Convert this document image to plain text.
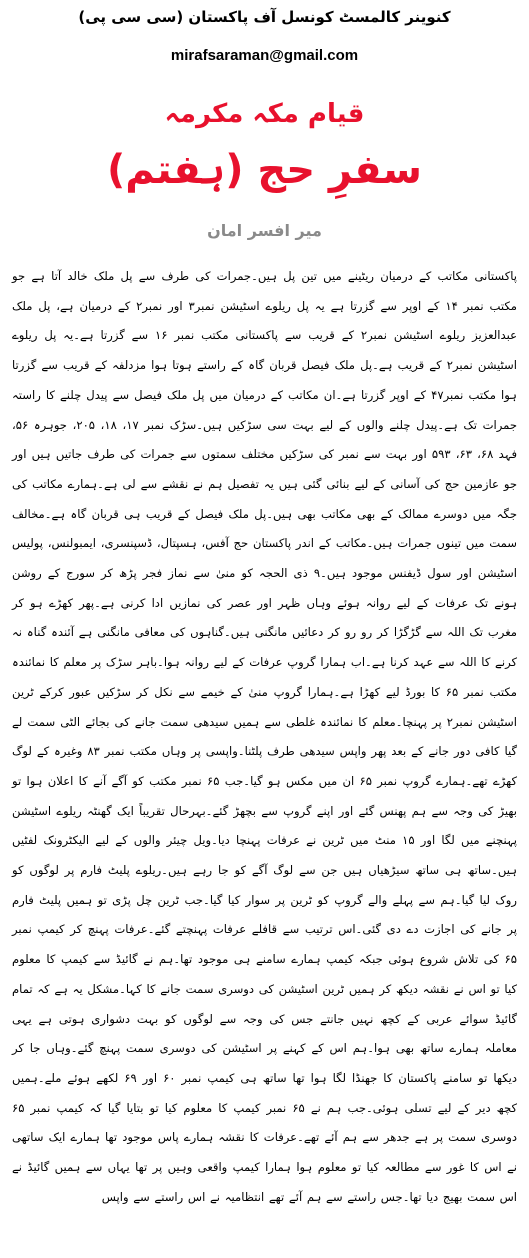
کنوینر کالمسٹ کونسل آف پاکستان (سی سی پی)
mirafsaraman@gmail.com
قیام مکہ مکرمہ
سفرِ حج (ہفتم)
میر افسر امان

پاکستانی مکاتب کے درمیان ریٹینے میں تین پل ہیں۔جمرات کی طرف سے پل ملک خالد آتا ہے جو مکتب نمبر ۱۴ کے اوپر سے گزرتا ہے یہ پل ریلوے اسٹیشن نمبر۳ اور نمبر۲ کے درمیان ہے، پل ملک عبدالعزیز ریلوے اسٹیشن نمبر۲ کے قریب سے پاکستانی مکتب نمبر ۱۶ سے گزرتا ہے۔یہ پل ریلوے اسٹیشن نمبر۲ کے قریب ہے۔پل ملک فیصل قربان گاہ کے راستے ہوتا ہوا مزدلفہ کے قریب سے گزرتا ہوا مکتب نمبر۴۷ کے اوپر گزرتا ہے۔ان مکاتب کے درمیان میں پل ملک فیصل سے پیدل چلنے کا راستہ جمرات تک ہے۔پیدل چلنے والوں کے لیے بہت سی سڑکیں ہیں۔سڑک نمبر ۱۷، ۱۸، ۲۰۵، جوہرہ ۵۶، فہد ۶۸، ۶۳، ۵۹۳ اور بہت سے نمبر کی سڑکیں مختلف سمتوں سے جمرات کی طرف جاتیں ہیں اور جو عازمین حج کی آسانی کے لیے بنائی گئی ہیں یہ تفصیل ہم نے نقشے سے لی ہے۔ہمارے مکاتب کی جگہ میں دوسرے ممالک کے بھی مکاتب بھی ہیں۔پل ملک فیصل کے قریب ہی قربان گاہ ہے۔مخالف سمت میں تینوں جمرات ہیں۔مکاتب کے اندر پاکستان حج آفس، ہسپتال، ڈسپنسری، ایمبولنس، پولیس اسٹیشن اور سول ڈیفنس موجود ہیں۔۹ ذی الحجہ کو منیٰ سے نماز فجر پڑھ کر سورج کے روشن ہونے تک عرفات کے لیے روانہ ہوئے وہاں ظہر اور عصر کی نمازیں ادا کرنی ہے۔پھر کھڑے ہو کر مغرب تک اللہ سے گڑگڑا کر رو رو کر دعائیں مانگنی ہیں۔گناہوں کی معافی مانگنی ہے آئندہ گناہ نہ کرنے کا اللہ سے عہد کرنا ہے۔اب ہمارا گروپ عرفات کے لیے روانہ ہوا۔باہر سڑک پر معلم کا نمائندہ مکتب نمبر ۶۵ کا بورڈ لیے کھڑا ہے۔ہمارا گروپ منیٰ کے خیمے سے نکل کر سڑکیں عبور کرکے ٹرین اسٹیشن نمبر۲ پر پہنچا۔معلم کا نمائندہ غلطی سے ہمیں سیدھی سمت جانے کی بجائے الٹی سمت لے گیا کافی دور جانے کے بعد پھر واپس سیدھی طرف پلٹنا۔واپسی پر وہاں مکتب نمبر ۸۳ وغیرہ کے لوگ کھڑے تھے۔ہمارے گروپ نمبر ۶۵ ان میں مکس ہو گیا۔جب ۶۵ نمبر مکتب کو آگے آنے کا اعلان ہوا تو بھیڑ کی وجہ سے ہم پھنس گئے اور اپنے گروپ سے بچھڑ گئے۔بہرحال تقریباً ایک گھنٹہ ریلوے اسٹیشن پہنچنے میں لگا اور ۱۵ منٹ میں ٹرین نے عرفات پہنچا دیا۔ویل چیئر والوں کے لیے الیکٹرونک لفٹیں ہیں۔ساتھ ہی ساتھ سیڑھیاں ہیں جن سے لوگ آگے کو جا رہے ہیں۔ریلوے پلیٹ فارم پر لوگوں کو روک لیا گیا۔ہم سے پہلے والے گروپ کو ٹرین پر سوار کیا گیا۔جب ٹرین چل پڑی تو ہمیں پلیٹ فارم پر جانے کی اجازت دے دی گئی۔اس ترتیب سے قافلے عرفات پہنچتے گئے۔عرفات پہنچ کر کیمپ نمبر ۶۵ کی تلاش شروع ہوئی جبکہ کیمپ ہمارے سامنے ہی موجود تھا۔ہم نے گائیڈ سے کیمپ کا معلوم کیا تو اس نے نقشہ دیکھ کر ہمیں ٹرین اسٹیشن کی دوسری سمت جانے کا کہا۔مشکل یہ ہے کہ تمام گائیڈ سوائے عربی کے کچھ نہیں جانتے جس کی وجہ سے لوگوں کو بہت دشواری ہوتی ہے یہی معاملہ ہمارے ساتھ بھی ہوا۔ہم اس کے کہنے پر اسٹیشن کی دوسری سمت پہنچ گئے۔وہاں جا کر دیکھا تو سامنے پاکستان کا جھنڈا لگا ہوا تھا ساتھ ہی کیمپ نمبر ۶۰ اور ۶۹ لکھے ہوئے ملے۔ہمیں کچھ دیر کے لیے تسلی ہوئی۔جب ہم نے ۶۵ نمبر کیمپ کا معلوم کیا تو بتایا گیا کہ کیمپ نمبر ۶۵ دوسری سمت پر ہے جدھر سے ہم آئے تھے۔عرفات کا نقشہ ہمارے پاس موجود تھا ہمارے ایک ساتھی نے اس کا غور سے مطالعہ کیا تو معلوم ہوا ہمارا کیمپ واقعی وہیں پر تھا یہاں سے ہمیں گائیڈ نے اس سمت بھیج دیا تھا۔جس راستے سے ہم آئے تھے انتظامیہ نے اس راستے سے واپس
